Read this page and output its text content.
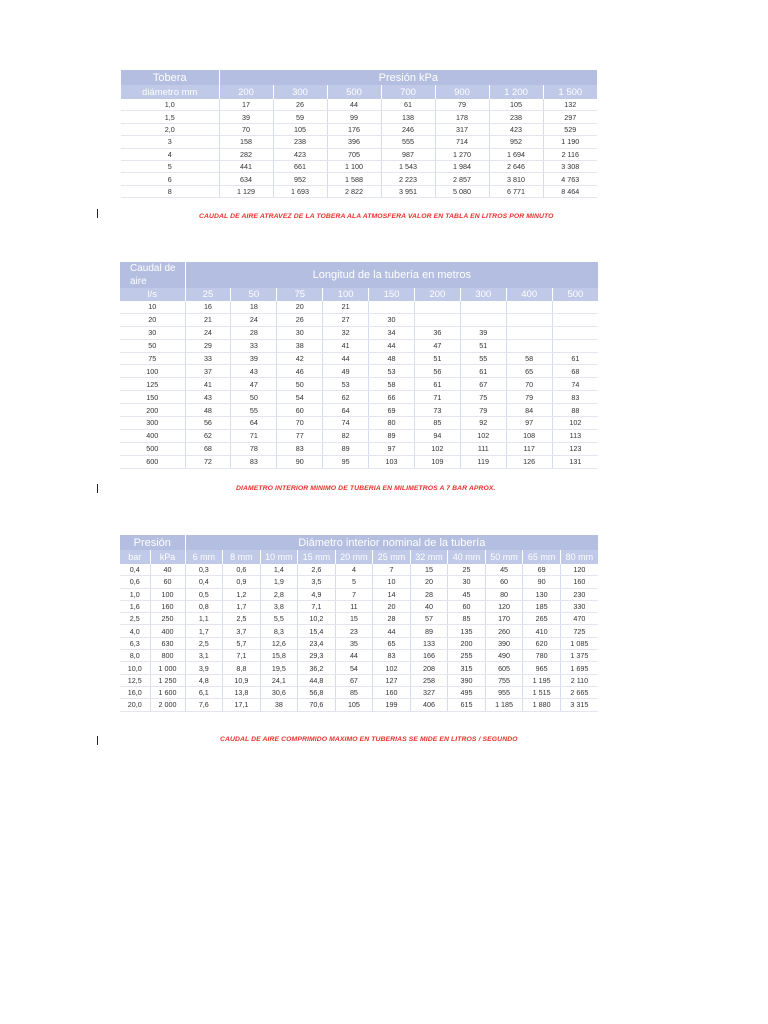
Tobera	Presión kPa						
diámetro mm	200	300	500	700	900	1 200	1 500
1,0	17	26	44	61	79	105	132
1,5	39	59	99	138	178	238	297
2,0	70	105	176	246	317	423	529
3	158	238	396	555	714	952	1 190
4	282	423	705	987	1 270	1 694	2 116
5	441	661	1 100	1 543	1 984	2 646	3 308
6	634	952	1 588	2 223	2 857	3 810	4 763
8	1 129	1 693	2 822	3 951	5 080	6 771	8 464
CAUDAL DE AIRE ATRAVEZ DE LA TOBERA ALA ATMOSFERA VALOR EN TABLA EN LITROS POR MINUTO
Caudal de aire	Longitud de la tubería en metros								
l/s	25	50	75	100	150	200	300	400	500
10	16	18	20	21					
20	21	24	26	27	30				
30	24	28	30	32	34	36	39		
50	29	33	38	41	44	47	51		
75	33	39	42	44	48	51	55	58	61
100	37	43	46	49	53	56	61	65	68
125	41	47	50	53	58	61	67	70	74
150	43	50	54	62	66	71	75	79	83
200	48	55	60	64	69	73	79	84	88
300	56	64	70	74	80	85	92	97	102
400	62	71	77	82	89	94	102	108	113
500	68	78	83	89	97	102	111	117	123
600	72	83	90	95	103	109	119	126	131
DIAMETRO INTERIOR MINIMO DE TUBERIA EN MILIMETROS A 7 BAR APROX.
Presión		Diámetro interior nominal de la tubería										
bar	kPa	6 mm	8 mm	10 mm	15 mm	20 mm	25 mm	32 mm	40 mm	50 mm	65 mm	80 mm
0,4	40	0,3	0,6	1,4	2,6	4	7	15	25	45	69	120
0,6	60	0,4	0,9	1,9	3,5	5	10	20	30	60	90	160
1,0	100	0,5	1,2	2,8	4,9	7	14	28	45	80	130	230
1,6	160	0,8	1,7	3,8	7,1	11	20	40	60	120	185	330
2,5	250	1,1	2,5	5,5	10,2	15	28	57	85	170	265	470
4,0	400	1,7	3,7	8,3	15,4	23	44	89	135	260	410	725
6,3	630	2,5	5,7	12,6	23,4	35	65	133	200	390	620	1 085
8,0	800	3,1	7,1	15,8	29,3	44	83	166	255	490	780	1 375
10,0	1 000	3,9	8,8	19,5	36,2	54	102	208	315	605	965	1 695
12,5	1 250	4,8	10,9	24,1	44,8	67	127	258	390	755	1 195	2 110
16,0	1 600	6,1	13,8	30,6	56,8	85	160	327	495	955	1 515	2 665
20,0	2 000	7,6	17,1	38	70,6	105	199	406	615	1 185	1 880	3 315
CAUDAL DE AIRE COMPRIMIDO MAXIMO EN TUBERIAS SE MIDE EN LITROS / SEGUNDO
